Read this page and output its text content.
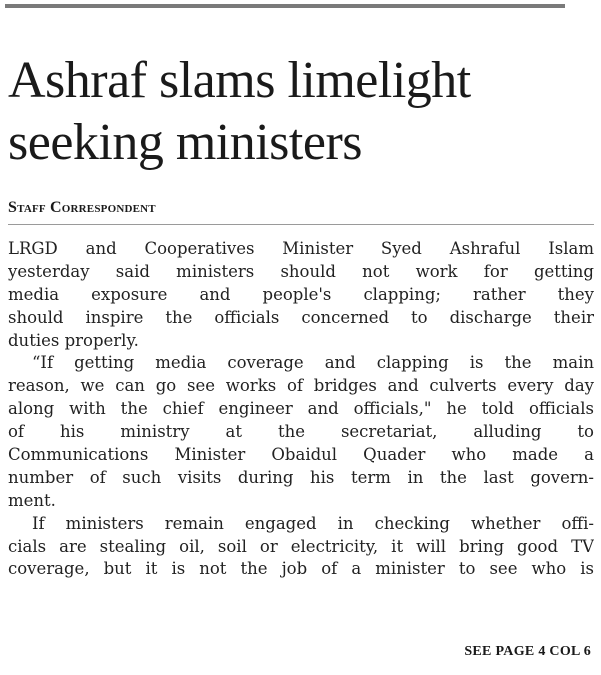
Ashraf slams limelight
seeking ministers

Staff Correspondent

LRGD and Cooperatives Minister Syed Ashraful Islam
yesterday said ministers should not work for getting
media exposure and people's clapping; rather they
should inspire the officials concerned to discharge their
duties properly.
“If getting media coverage and clapping is the main
reason, we can go see works of bridges and culverts every day
along with the chief engineer and officials," he told officials
of his ministry at the secretariat, alluding to
Communications Minister Obaidul Quader who made a
number of such visits during his term in the last govern-
ment.
If ministers remain engaged in checking whether offi-
cials are stealing oil, soil or electricity, it will bring good TV
coverage, but it is not the job of a minister to see who is

SEE PAGE 4 COL 6
